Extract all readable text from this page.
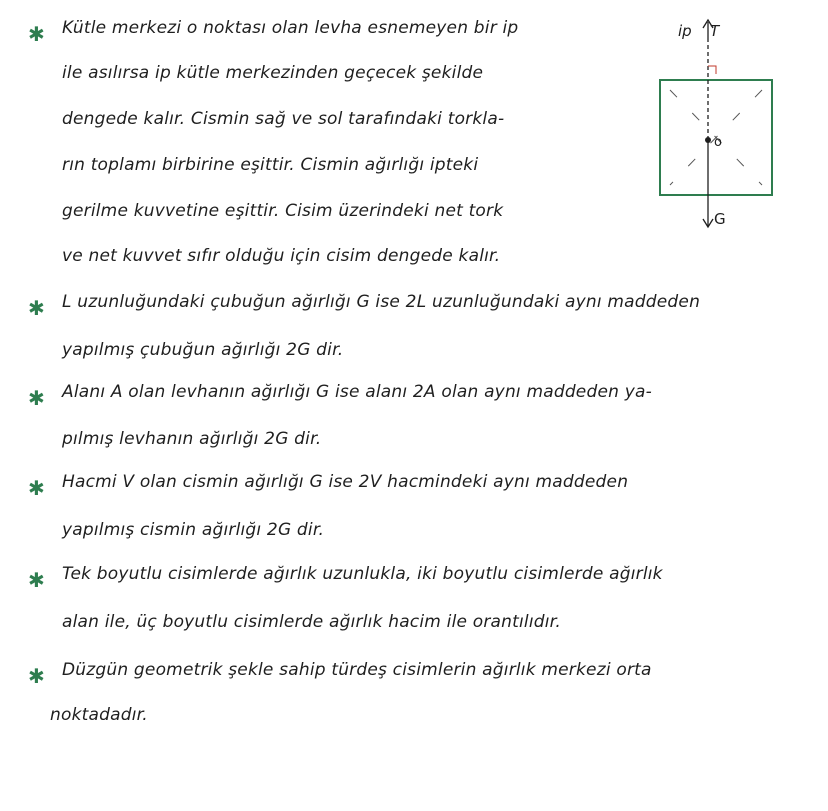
✱ Kütle merkezi o noktası olan levha esnemeyen bir ip
ile asılırsa ip kütle merkezinden geçecek şekilde
dengede kalır. Cismin sağ ve sol tarafındaki torkla-
rın toplamı birbirine eşittir. Cismin ağırlığı ipteki
gerilme kuvvetine eşittir. Cisim üzerindeki net tork
ve net kuvvet sıfır olduğu için cisim dengede kalır.
ip T
o
G
✱ L uzunluğundaki çubuğun ağırlığı G ise 2L uzunluğundaki aynı maddeden
yapılmış çubuğun ağırlığı 2G dir.
✱ Alanı A olan levhanın ağırlığı G ise alanı 2A olan aynı maddeden ya-
pılmış levhanın ağırlığı 2G dir.
✱ Hacmi V olan cismin ağırlığı G ise 2V hacmindeki aynı maddeden
yapılmış cismin ağırlığı 2G dir.
✱ Tek boyutlu cisimlerde ağırlık uzunlukla, iki boyutlu cisimlerde ağırlık
alan ile, üç boyutlu cisimlerde ağırlık hacim ile orantılıdır.
✱ Düzgün geometrik şekle sahip türdeş cisimlerin ağırlık merkezi orta
noktadadır.
